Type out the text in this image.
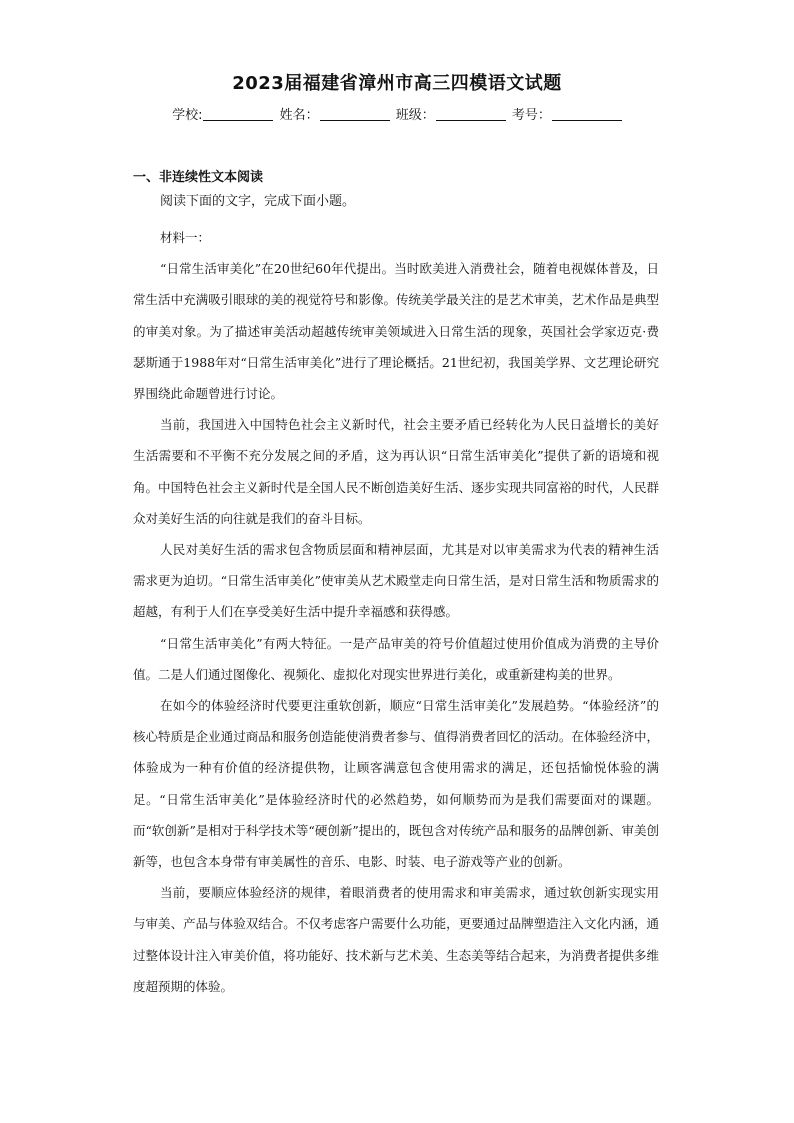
2023届福建省漳州市高三四模语文试题
学校:	姓名：	班级：	考号：
一、非连续性文本阅读
阅读下面的文字，完成下面小题。

材料一：

“日常生活审美化”在20世纪60年代提出。当时欧美进入消费社会，随着电视媒体普及，日常生活中充满吸引眼球的美的视觉符号和影像。传统美学最关注的是艺术审美，艺术作品是典型的审美对象。为了描述审美活动超越传统审美领域进入日常生活的现象，英国社会学家迈克·费瑟斯通于1988年对“日常生活审美化”进行了理论概括。21世纪初，我国美学界、文艺理论研究界围绕此命题曾进行讨论。

当前，我国进入中国特色社会主义新时代，社会主要矛盾已经转化为人民日益增长的美好生活需要和不平衡不充分发展之间的矛盾，这为再认识“日常生活审美化”提供了新的语境和视角。中国特色社会主义新时代是全国人民不断创造美好生活、逐步实现共同富裕的时代，人民群众对美好生活的向往就是我们的奋斗目标。

人民对美好生活的需求包含物质层面和精神层面，尤其是对以审美需求为代表的精神生活需求更为迫切。“日常生活审美化”使审美从艺术殿堂走向日常生活，是对日常生活和物质需求的超越，有利于人们在享受美好生活中提升幸福感和获得感。

“日常生活审美化”有两大特征。一是产品审美的符号价值超过使用价值成为消费的主导价值。二是人们通过图像化、视频化、虚拟化对现实世界进行美化，或重新建构美的世界。

在如今的体验经济时代要更注重软创新，顺应“日常生活审美化”发展趋势。“体验经济”的核心特质是企业通过商品和服务创造能使消费者参与、值得消费者回忆的活动。在体验经济中，体验成为一种有价值的经济提供物，让顾客满意包含使用需求的满足，还包括愉悦体验的满足。“日常生活审美化”是体验经济时代的必然趋势，如何顺势而为是我们需要面对的课题。而“软创新”是相对于科学技术等“硬创新”提出的，既包含对传统产品和服务的品牌创新、审美创新等，也包含本身带有审美属性的音乐、电影、时装、电子游戏等产业的创新。

当前，要顺应体验经济的规律，着眼消费者的使用需求和审美需求，通过软创新实现实用与审美、产品与体验双结合。不仅考虑客户需要什么功能，更要通过品牌塑造注入文化内涵，通过整体设计注入审美价值，将功能好、技术新与艺术美、生态美等结合起来，为消费者提供多维度超预期的体验。
